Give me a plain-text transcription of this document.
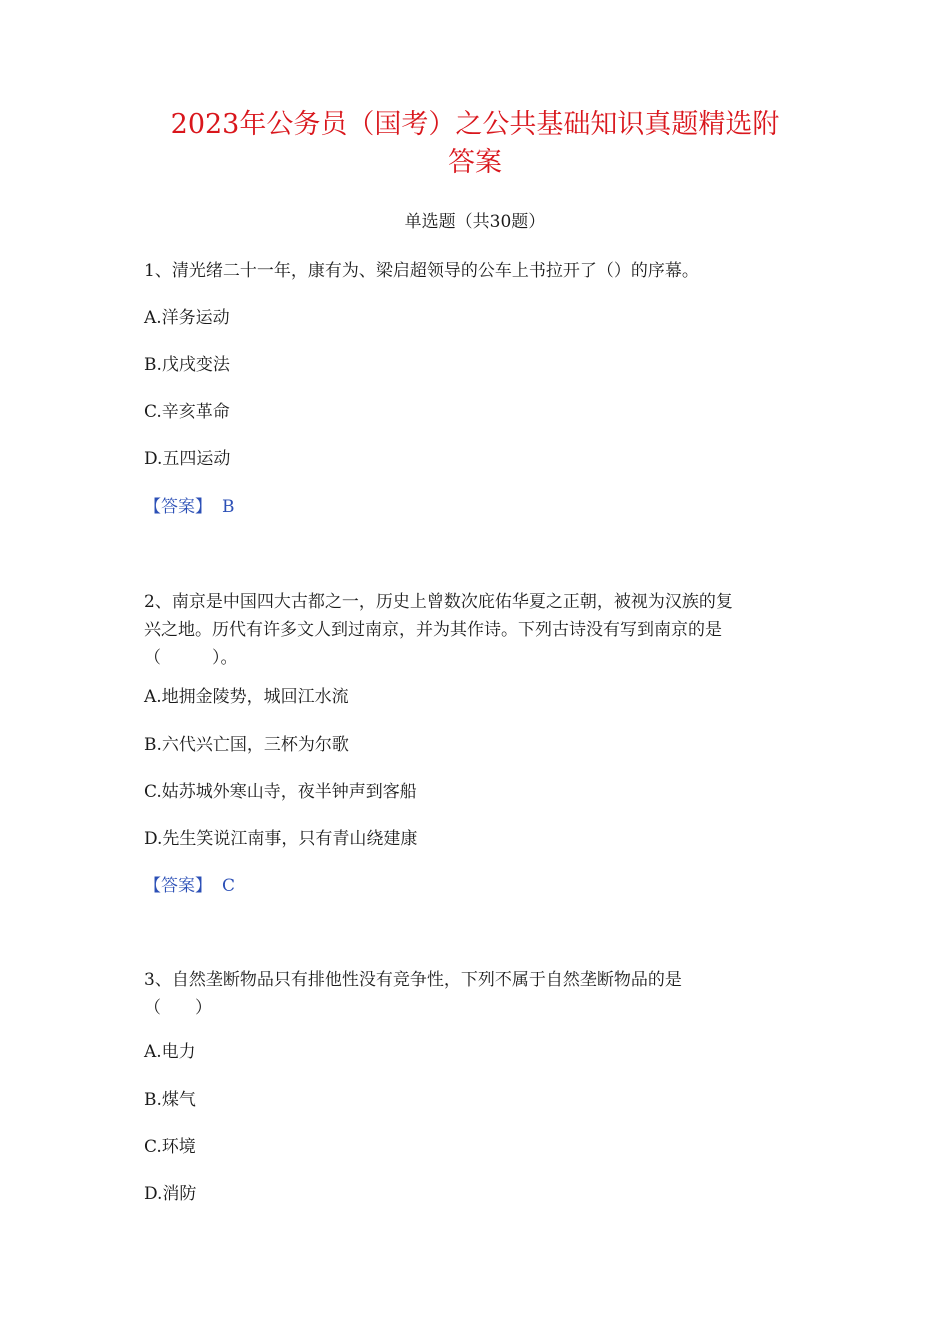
2023年公务员（国考）之公共基础知识真题精选附
答案
单选题（共30题）
1、清光绪二十一年，康有为、梁启超领导的公车上书拉开了（）的序幕。
A.洋务运动
B.戊戌变法
C.辛亥革命
D.五四运动
【答案】 B
2、南京是中国四大古都之一，历史上曾数次庇佑华夏之正朝，被视为汉族的复
兴之地。历代有许多文人到过南京，并为其作诗。下列古诗没有写到南京的是
（　　　）。
A.地拥金陵势，城回江水流
B.六代兴亡国，三杯为尔歌
C.姑苏城外寒山寺，夜半钟声到客船
D.先生笑说江南事，只有青山绕建康
【答案】 C
3、自然垄断物品只有排他性没有竞争性，下列不属于自然垄断物品的是
（　　）
A.电力
B.煤气
C.环境
D.消防
